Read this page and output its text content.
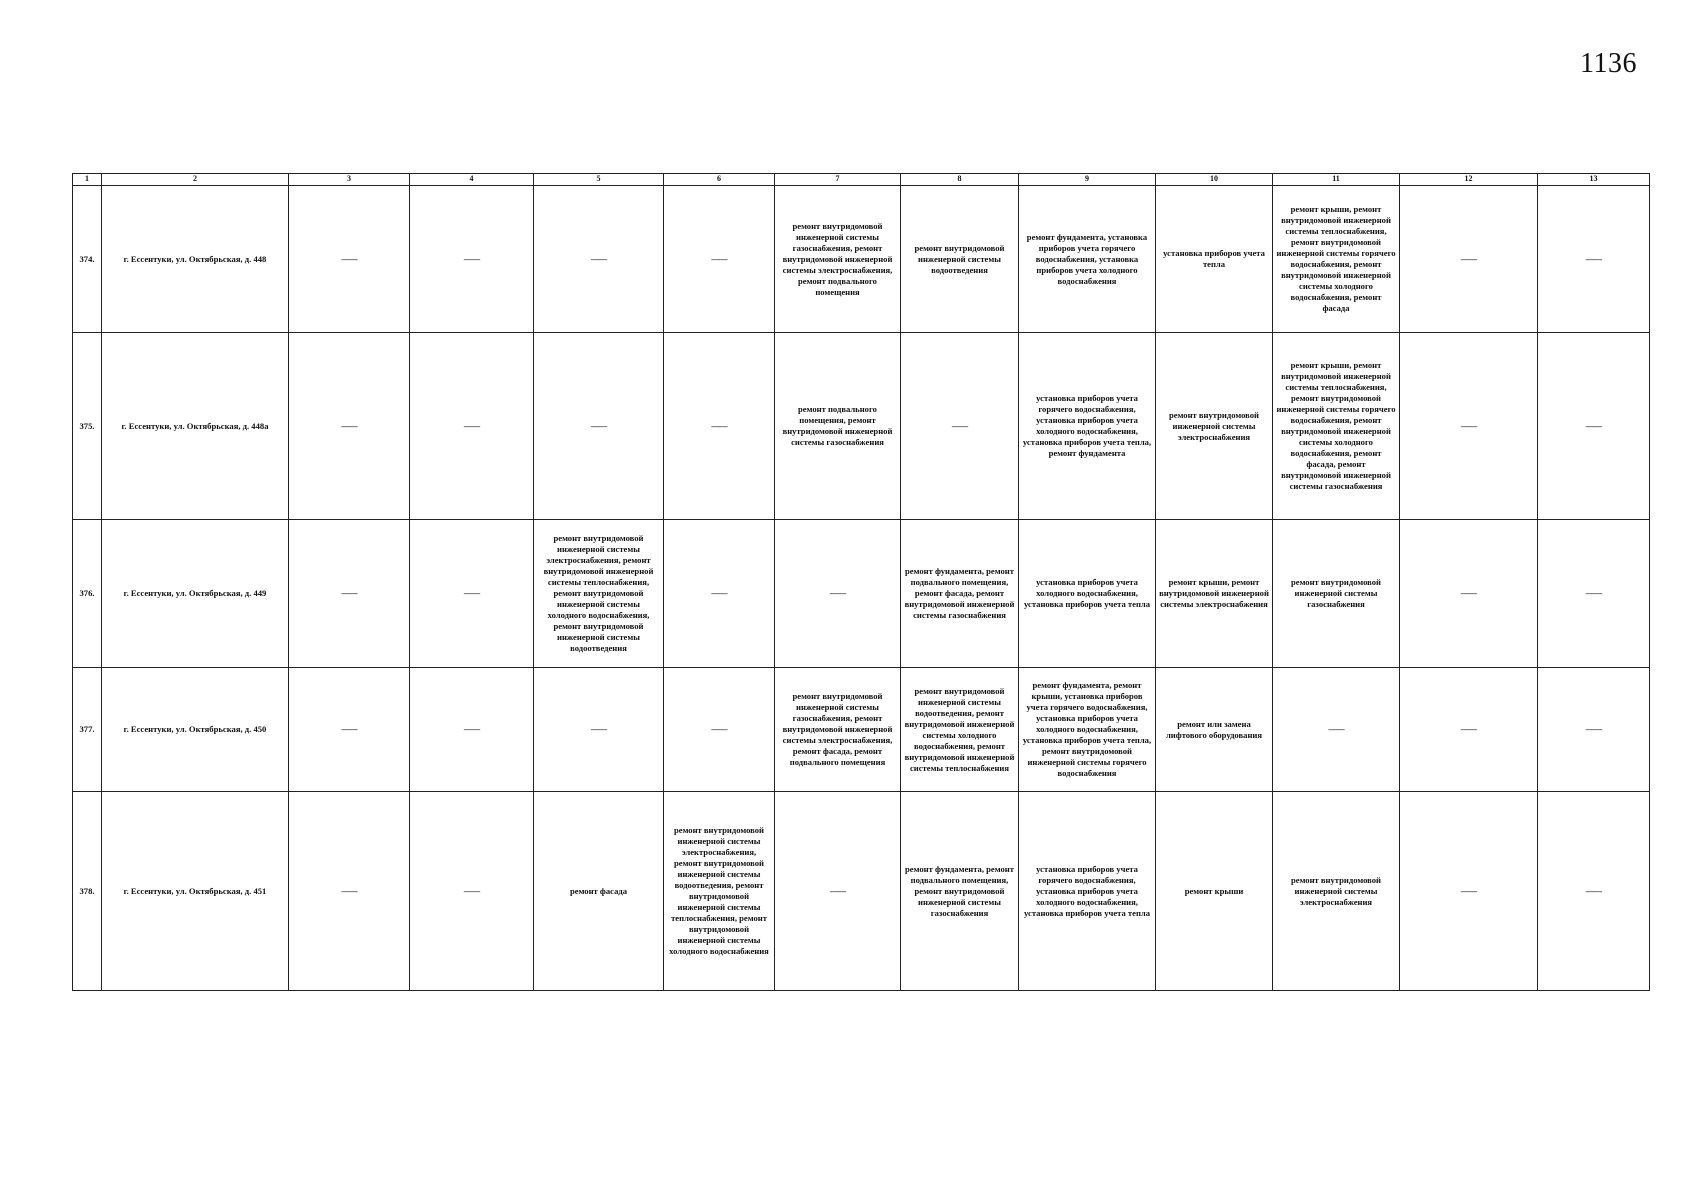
1136
1	2	3	4	5	6	7	8	9	10	11	12	13
374.	г. Ессентуки, ул. Октябрьская, д. 448	——	——	——	——	ремонт внутридомовой инженерной системы газоснабжения, ремонт внутридомовой инженерной системы электроснабжения, ремонт подвального помещения	ремонт внутридомовой инженерной системы водоотведения	ремонт фундамента, установка приборов учета горячего водоснабжения, установка приборов учета холодного водоснабжения	установка приборов учета тепла	ремонт крыши, ремонт внутридомовой инженерной системы теплоснабжения, ремонт внутридомовой инженерной системы горячего водоснабжения, ремонт внутридомовой инженерной системы холодного водоснабжения, ремонт фасада	——	——
375.	г. Ессентуки, ул. Октябрьская, д. 448а	——	——	——	——	ремонт подвального помещения, ремонт внутридомовой инженерной системы газоснабжения	——	установка приборов учета горячего водоснабжения, установка приборов учета холодного водоснабжения, установка приборов учета тепла, ремонт фундамента	ремонт внутридомовой инженерной системы электроснабжения	ремонт крыши, ремонт внутридомовой инженерной системы теплоснабжения, ремонт внутридомовой инженерной системы горячего водоснабжения, ремонт внутридомовой инженерной системы холодного водоснабжения, ремонт фасада, ремонт внутридомовой инженерной системы газоснабжения	——	——
376.	г. Ессентуки, ул. Октябрьская, д. 449	——	——	ремонт внутридомовой инженерной системы электроснабжения, ремонт внутридомовой инженерной системы теплоснабжения, ремонт внутридомовой инженерной системы холодного водоснабжения, ремонт внутридомовой инженерной системы водоотведения	——	——	ремонт фундамента, ремонт подвального помещения, ремонт фасада, ремонт внутридомовой инженерной системы газоснабжения	установка приборов учета холодного водоснабжения, установка приборов учета тепла	ремонт крыши, ремонт внутридомовой инженерной системы электроснабжения	ремонт внутридомовой инженерной системы газоснабжения	——	——
377.	г. Ессентуки, ул. Октябрьская, д. 450	——	——	——	——	ремонт внутридомовой инженерной системы газоснабжения, ремонт внутридомовой инженерной системы электроснабжения, ремонт фасада, ремонт подвального помещения	ремонт внутридомовой инженерной системы водоотведения, ремонт внутридомовой инженерной системы холодного водоснабжения, ремонт внутридомовой инженерной системы теплоснабжения	ремонт фундамента, ремонт крыши, установка приборов учета горячего водоснабжения, установка приборов учета холодного водоснабжения, установка приборов учета тепла, ремонт внутридомовой инженерной системы горячего водоснабжения	ремонт или замена лифтового оборудования	——	——	——
378.	г. Ессентуки, ул. Октябрьская, д. 451	——	——	ремонт фасада	ремонт внутридомовой инженерной системы электроснабжения, ремонт внутридомовой инженерной системы водоотведения, ремонт внутридомовой инженерной системы теплоснабжения, ремонт внутридомовой инженерной системы холодного водоснабжения	——	ремонт фундамента, ремонт подвального помещения, ремонт внутридомовой инженерной системы газоснабжения	установка приборов учета горячего водоснабжения, установка приборов учета холодного водоснабжения, установка приборов учета тепла	ремонт крыши	ремонт внутридомовой инженерной системы электроснабжения	——	——
